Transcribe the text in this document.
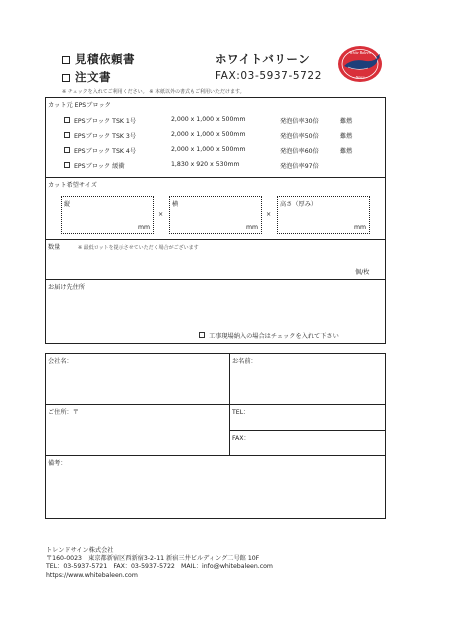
見積依頼書
注文書
ホワイトバリーン
FAX:03-5937-5722
White Baleen
Baleen
※ チェックを入れてご利用ください。 ※ 本紙以外の書式もご利用いただけます。
カット元 EPSブロック
EPSブロック TSK 1号	2,000 x 1,000 x 500mm	発泡倍率30倍	難燃
EPSブロック TSK 3号	2,000 x 1,000 x 500mm	発泡倍率50倍	難燃
EPSブロック TSK 4号	2,000 x 1,000 x 500mm	発泡倍率60倍	難燃
EPSブロック 緩衝	1,830 x 920 x 530mm	発泡倍率97倍
カット希望サイズ
縦
mm
×
横
mm
×
高さ（厚み）
mm
数量	※ 最低ロットを提示させていただく場合がございます
個/枚
お届け先住所
工事現場納入の場合はチェックを入れて下さい
会社名：	お名前：
ご住所：〒	TEL：
FAX：
備考：
トレンドサイン株式会社
〒160-0023　東京都新宿区西新宿3-2-11 新宿三井ビルディング二号館 10F
TEL：03-5937-5721　FAX：03-5937-5722　MAIL：info@whitebaleen.com
https://www.whitebaleen.com
